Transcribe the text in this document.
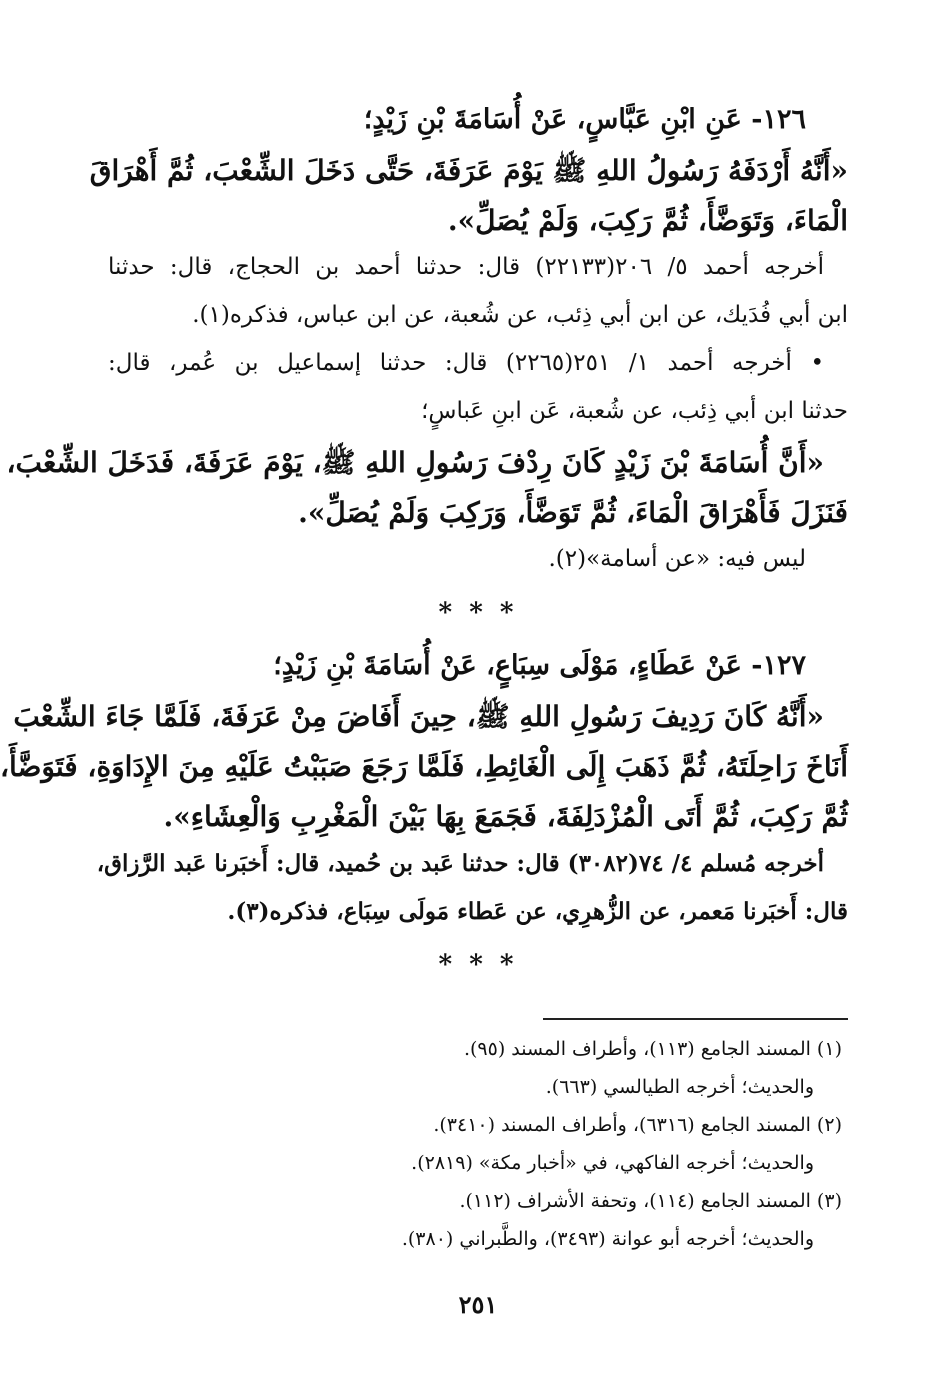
١٢٦- عَنِ ابْنِ عَبَّاسٍ، عَنْ أُسَامَةَ بْنِ زَيْدٍ؛
«أَنَّهُ أَرْدَفَهُ رَسُولُ اللهِ ﷺ يَوْمَ عَرَفَةَ، حَتَّى دَخَلَ الشِّعْبَ، ثُمَّ أَهْرَاقَ
الْمَاءَ، وَتَوَضَّأَ، ثُمَّ رَكِبَ، وَلَمْ يُصَلِّ».
أخرجه أحمد ٥/ ٢٠٦(٢٢١٣٣) قال: حدثنا أحمد بن الحجاج، قال: حدثنا
ابن أبي فُدَيك، عن ابن أبي ذِئب، عن شُعبة، عن ابن عباس، فذكره(١).
• أخرجه أحمد ١/ ٢٥١(٢٢٦٥) قال: حدثنا إسماعيل بن عُمر، قال:
حدثنا ابن أبي ذِئب، عن شُعبة، عَن ابنِ عَباسٍ؛
«أَنَّ أُسَامَةَ بْنَ زَيْدٍ كَانَ رِدْفَ رَسُولِ اللهِ ﷺ، يَوْمَ عَرَفَةَ، فَدَخَلَ الشِّعْبَ،
فَنَزَلَ فَأَهْرَاقَ الْمَاءَ، ثُمَّ تَوَضَّأَ، وَرَكِبَ وَلَمْ يُصَلِّ».
ليس فيه: «عن أسامة»(٢).
* * *
١٢٧- عَنْ عَطَاءٍ، مَوْلَى سِبَاعٍ، عَنْ أُسَامَةَ بْنِ زَيْدٍ؛
«أَنَّهُ كَانَ رَدِيفَ رَسُولِ اللهِ ﷺ، حِينَ أَفَاضَ مِنْ عَرَفَةَ، فَلَمَّا جَاءَ الشِّعْبَ
أَنَاخَ رَاحِلَتَهُ، ثُمَّ ذَهَبَ إِلَى الْغَائِطِ، فَلَمَّا رَجَعَ صَبَبْتُ عَلَيْهِ مِنَ الإِدَاوَةِ، فَتَوَضَّأَ،
ثُمَّ رَكِبَ، ثُمَّ أَتَى الْمُزْدَلِفَةَ، فَجَمَعَ بِهَا بَيْنَ الْمَغْرِبِ وَالْعِشَاءِ».
أخرجه مُسلم ٤/ ٧٤(٣٠٨٢) قال: حدثنا عَبد بن حُميد، قال: أَخبَرنا عَبد الرَّزاق،
قال: أَخبَرنا مَعمر، عن الزُّهرِي، عن عَطاء مَولَى سِبَاع، فذكره(٣).
* * *
(١) المسند الجامع (١١٣)، وأطراف المسند (٩٥).
والحديث؛ أخرجه الطيالسي (٦٦٣).
(٢) المسند الجامع (٦٣١٦)، وأطراف المسند (٣٤١٠).
والحديث؛ أخرجه الفاكهي، في «أخبار مكة» (٢٨١٩).
(٣) المسند الجامع (١١٤)، وتحفة الأشراف (١١٢).
والحديث؛ أخرجه أبو عوانة (٣٤٩٣)، والطَّبراني (٣٨٠).
٢٥١
